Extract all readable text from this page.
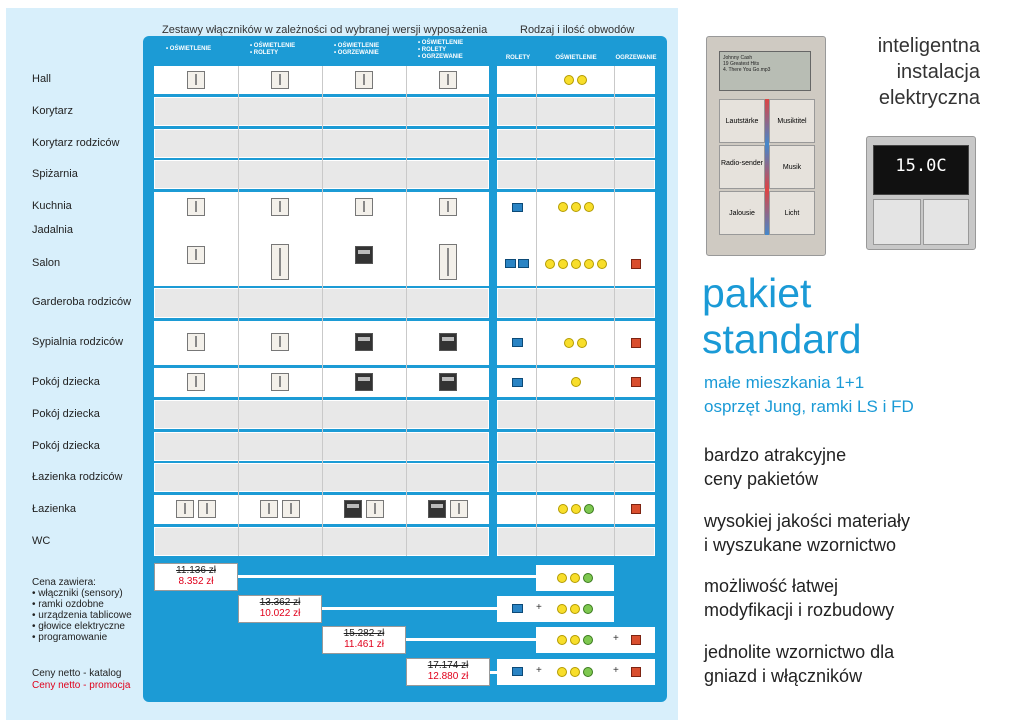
Zestawy włączników w zależności od wybranej wersji wyposażenia	Rodzaj i ilość obwodów
• OŚWIETLENIE
•	OŚWIETLENIE
• ROLETY
• OŚWIETLENIE
• OGRZEWANIE
• OŚWIETLENIE
• ROLETY
• OGRZEWANIE	ROLETY	OŚWIETLENIE	OGRZEWANIE
Hall
Korytarz
Korytarz rodziców
Spiżarnia
Kuchnia
Jadalnia
Salon
Garderoba rodziców
Sypialnia rodziców
Pokój dziecka
Pokój dziecka
Pokój dziecka
Łazienka rodziców
Łazienka
WC
11.136 zł
8.352 zł
+
13.362 zł
10.022 zł
+
15.282 zł
11.461 zł
+	+
17.174 zł
12.880 zł
Cena zawiera:
• włączniki (sensory)
• ramki ozdobne
• urządzenia tablicowe
• głowice elektryczne
• programowanie
Ceny netto - katalog
Ceny netto - promocja
Johnny Cash
19 Greatest Hits
4. There You Go.mp3
Lautstärke	Musiktitel
Radio-sender
Musik
Jalousie	Licht
15.0C
inteligentna
instalacja
elektryczna
pakiet
standard
małe mieszkania 1+1
osprzęt Jung, ramki LS i FD
bardzo atrakcyjne
ceny pakietów
wysokiej jakości materiały
i wyszukane wzornictwo
możliwość łatwej
modyfikacji i rozbudowy
jednolite wzornictwo dla
gniazd i włączników
